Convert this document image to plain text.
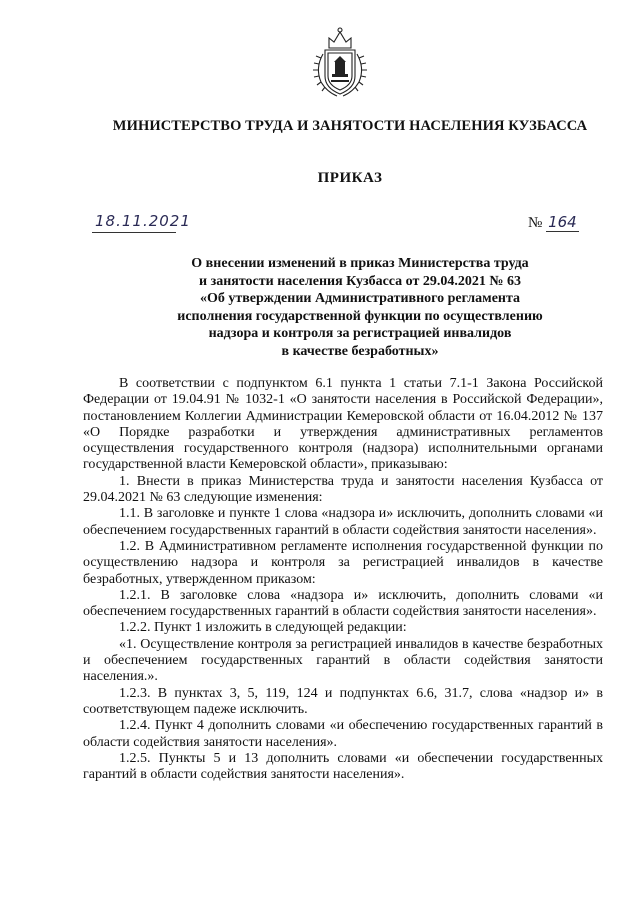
МИНИСТЕРСТВО ТРУДА И ЗАНЯТОСТИ НАСЕЛЕНИЯ КУЗБАССА
ПРИКАЗ
18.11.2021	№ 164
О внесении изменений в приказ Министерства труда
и занятости населения Кузбасса от 29.04.2021 № 63
«Об утверждении Административного регламента
исполнения государственной функции по осуществлению
надзора и контроля за регистрацией инвалидов
в качестве безработных»

В соответствии с подпунктом 6.1 пункта 1 статьи 7.1-1 Закона Российской Федерации от 19.04.91 № 1032-1 «О занятости населения в Российской Федерации», постановлением Коллегии Администрации Кемеровской области от 16.04.2012 № 137 «О Порядке разработки и утверждения административных регламентов осуществления государственного контроля (надзора) исполнительными органами государственной власти Кемеровской области», приказываю:

1. Внести в приказ Министерства труда и занятости населения Кузбасса от 29.04.2021 № 63 следующие изменения:

1.1. В заголовке и пункте 1 слова «надзора и» исключить, дополнить словами «и обеспечением государственных гарантий в области содействия занятости населения».

1.2. В Административном регламенте исполнения государственной функции по осуществлению надзора и контроля за регистрацией инвалидов в качестве безработных, утвержденном приказом:

1.2.1. В заголовке слова «надзора и» исключить, дополнить словами «и обеспечением государственных гарантий в области содействия занятости населения».

1.2.2. Пункт 1 изложить в следующей редакции:

«1. Осуществление контроля за регистрацией инвалидов в качестве безработных и обеспечением государственных гарантий в области содействия занятости населения.».

1.2.3. В пунктах 3, 5, 119, 124 и подпунктах 6.6, 31.7, слова «надзор и» в соответствующем падеже исключить.

1.2.4. Пункт 4 дополнить словами «и обеспечению государственных гарантий в области содействия занятости населения».

1.2.5. Пункты 5 и 13 дополнить словами «и обеспечении государственных гарантий в области содействия занятости населения».
